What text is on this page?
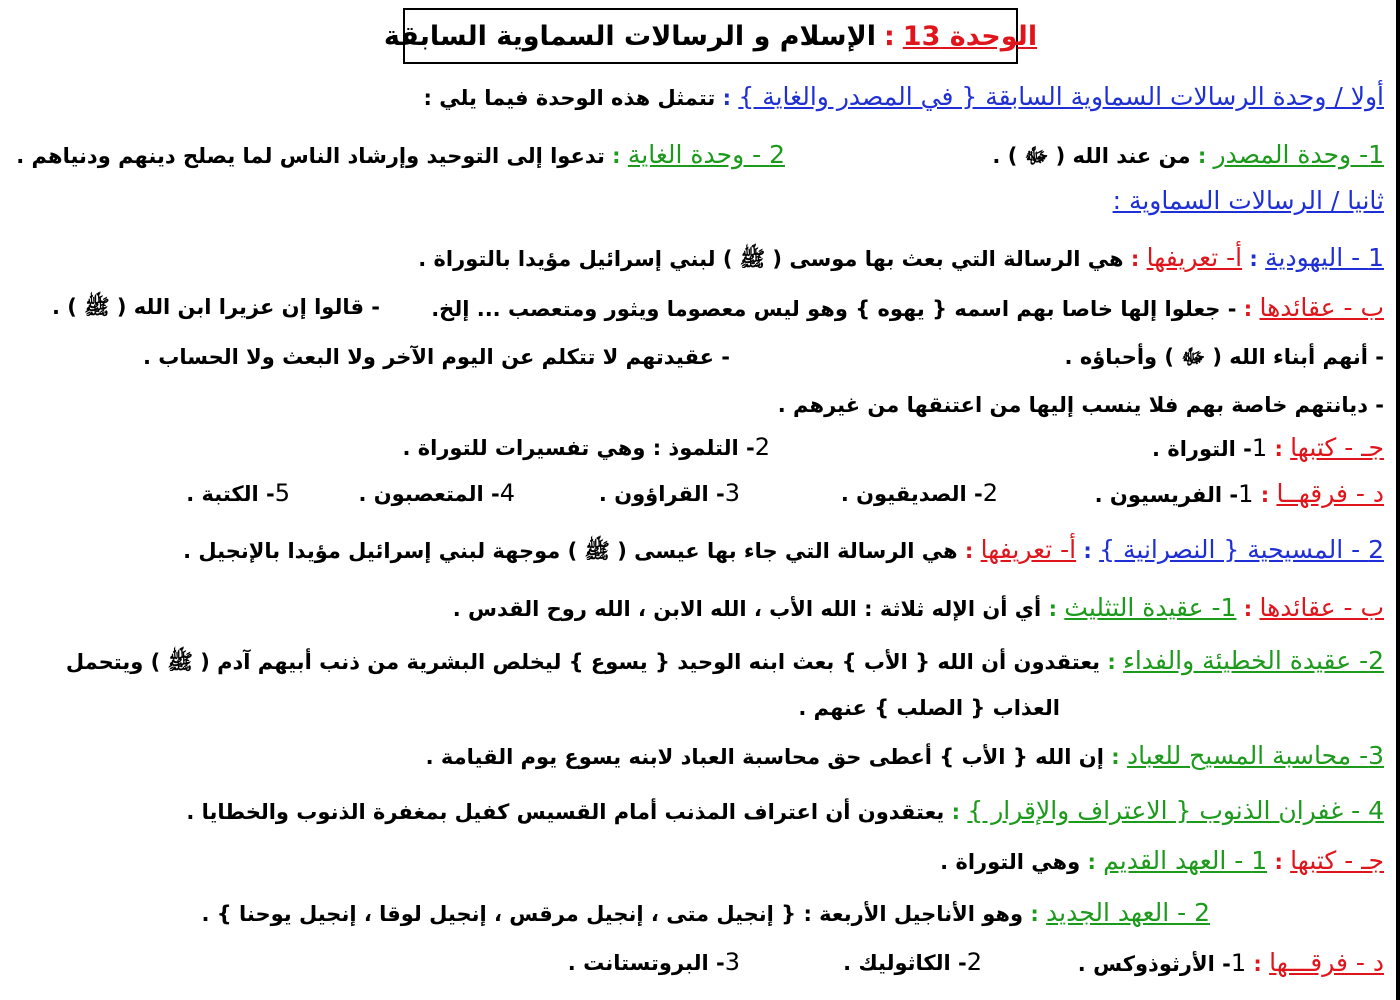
الوحدة 13
:
الإسلام و الرسالات السماوية السابقة
أولا / وحدة الرسالات السماوية السابقة { في المصدر والغاية } : تتمثل هذه الوحدة فيما يلي :
1- وحدة المصدر : من عند الله ( ﷻ ) .
2 - وحدة الغاية : تدعوا إلى التوحيد وإرشاد الناس لما يصلح دينهم ودنياهم .
ثانيا / الرسالات السماوية :
1 - اليهودية : أ- تعريفها : هي الرسالة التي بعث بها موسى ( ﷺ ) لبني إسرائيل مؤيدا بالتوراة .
ب - عقائدها : - جعلوا إلها خاصا بهم اسمه { يهوه } وهو ليس معصوما ويثور ومتعصب ... إلخ.
- قالوا إن عزيرا ابن الله ( ﷺ ) .
- أنهم أبناء الله ( ﷻ ) وأحباؤه .
- عقيدتهم لا تتكلم عن اليوم الآخر ولا البعث ولا الحساب .
- ديانتهم خاصة بهم فلا ينسب إليها من اعتنقها من غيرهم .
جـ - كتبها : 1- التوراة .
2- التلموذ : وهي تفسيرات للتوراة .
د - فرقهــا : 1- الفريسيون .
2- الصديقيون .
3- القراؤون .
4- المتعصبون .
5- الكتبة .
2 - المسيحية { النصرانية } : أ- تعريفها : هي الرسالة التي جاء بها عيسى ( ﷺ ) موجهة لبني إسرائيل مؤيدا بالإنجيل .
ب - عقائدها : 1- عقيدة التثليث : أي أن الإله ثلاثة : الله الأب ، الله الابن ، الله روح القدس .
2- عقيدة الخطيئة والفداء : يعتقدون أن الله { الأب } بعث ابنه الوحيد { يسوع } ليخلص البشرية من ذنب أبيهم آدم ( ﷺ ) ويتحمل
العذاب { الصلب } عنهم .
3- محاسبة المسيح للعباد : إن الله { الأب } أعطى حق محاسبة العباد لابنه يسوع يوم القيامة .
4 - غفران الذنوب { الاعتراف والإقرار } : يعتقدون أن اعتراف المذنب أمام القسيس كفيل بمغفرة الذنوب والخطايا .
جـ - كتبها : 1 - العهد القديم : وهي التوراة .
2 - العهد الجديد : وهو الأناجيل الأربعة : { إنجيل متى ، إنجيل مرقس ، إنجيل لوقا ، إنجيل يوحنا } .
د - فرقـــها : 1- الأرثوذوكس .
2- الكاثوليك .
3- البروتستانت .
